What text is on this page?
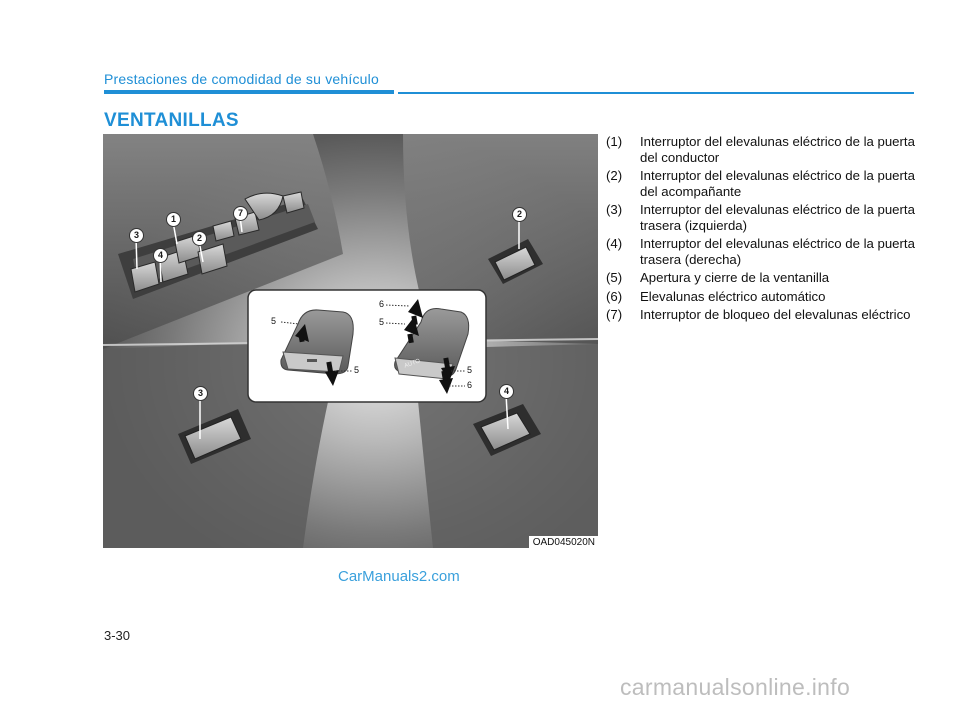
Prestaciones de comodidad de su vehículo
VENTANILLAS
1
2
3
4
7	2
3	4
5
5
6
5
5
6
AUTO
OAD045020N
(1)	Interruptor del elevalunas eléctrico de la puerta del conductor
(2)	Interruptor del elevalunas eléctrico de la puerta del acompañante
(3)	Interruptor del elevalunas eléctrico de la puerta trasera (izquierda)
(4)	Interruptor del elevalunas eléctrico de la puerta trasera (derecha)
(5)	Apertura y cierre de la ventanilla
(6)	Elevalunas eléctrico automático
(7)	Interruptor de bloqueo del elevalunas eléctrico
CarManuals2.com
3-30
carmanualsonline.info
